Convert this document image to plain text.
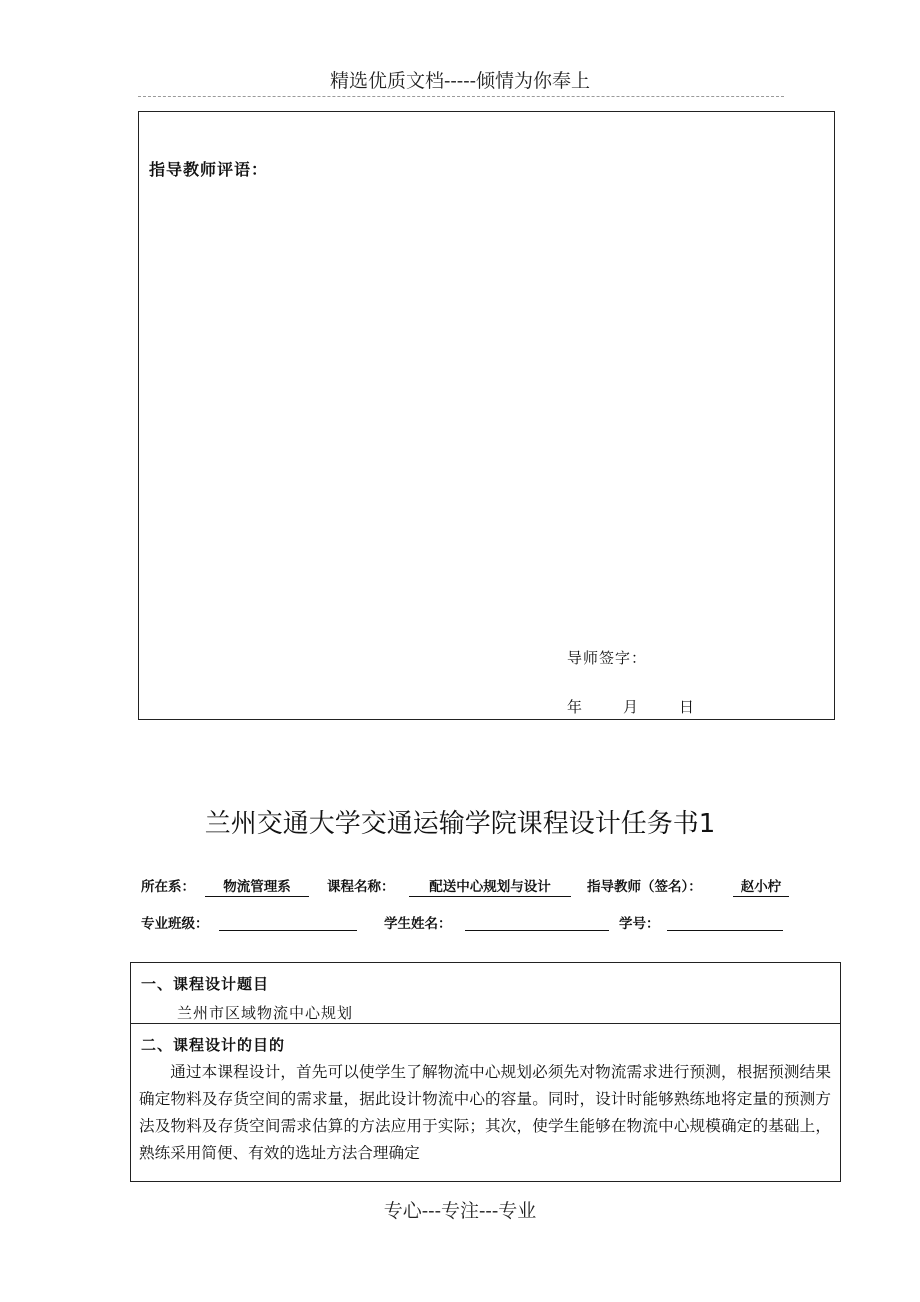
精选优质文档-----倾情为你奉上
指导教师评语：
导师签字：
年	月	日
兰州交通大学交通运输学院课程设计任务书1
所在系：	物流管理系	课程名称：	配送中心规划与设计	指导教师（签名）：	赵小柠
专业班级：	学生姓名：	学号：
一、课程设计题目
兰州市区域物流中心规划
二、课程设计的目的
通过本课程设计，首先可以使学生了解物流中心规划必须先对物流需求进行预测，根据预测结果确定物料及存货空间的需求量，据此设计物流中心的容量。同时，设计时能够熟练地将定量的预测方法及物料及存货空间需求估算的方法应用于实际；其次，使学生能够在物流中心规模确定的基础上，熟练采用简便、有效的选址方法合理确定
专心---专注---专业
